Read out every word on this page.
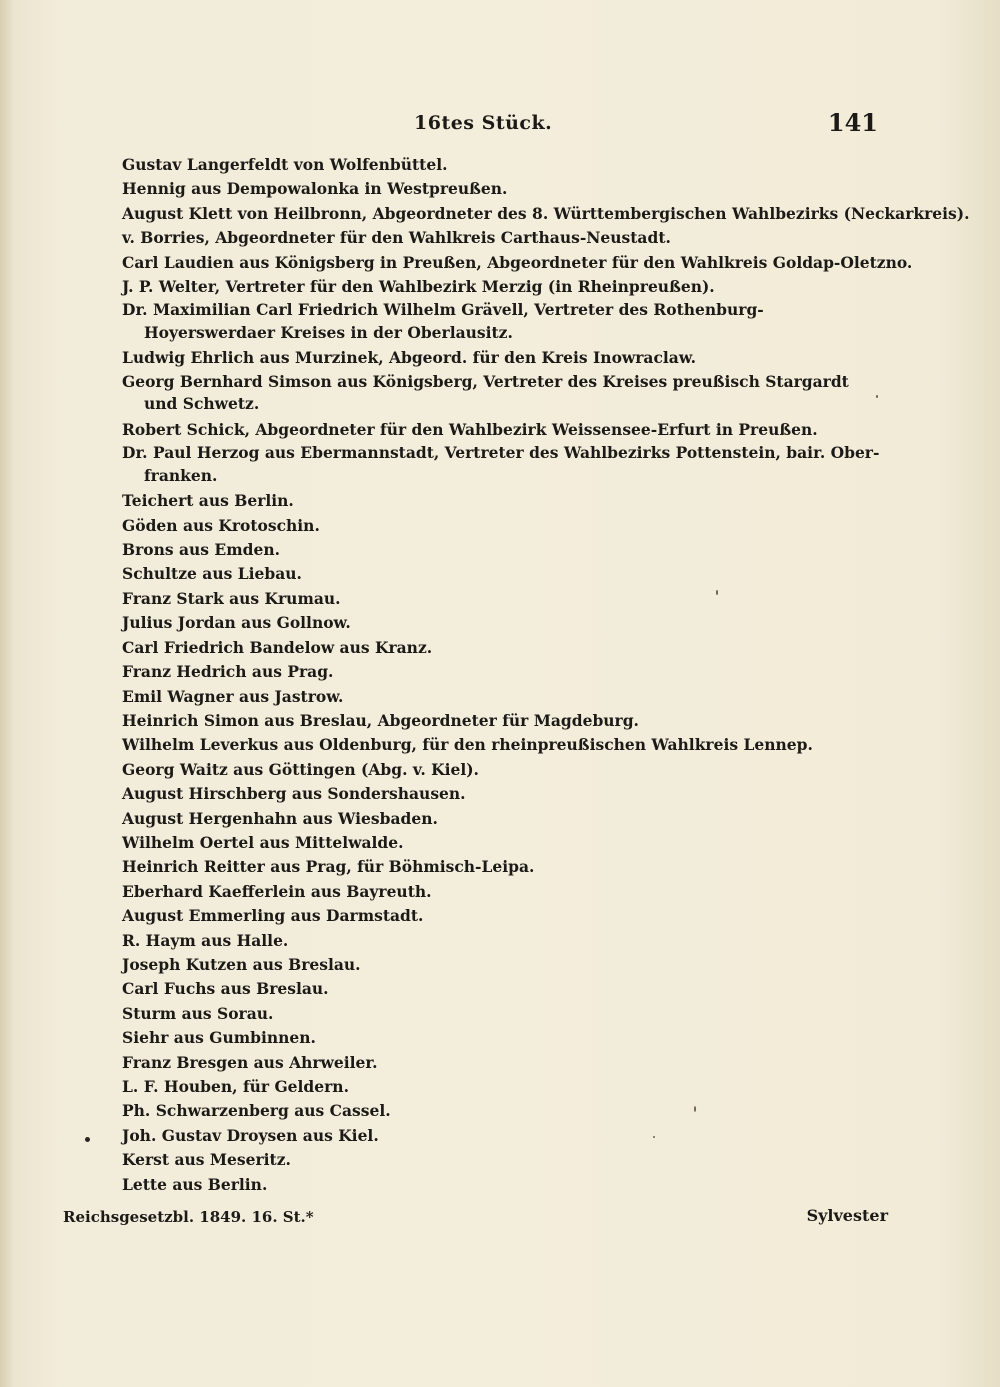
16tes Stück.	141
Gustav Langerfeldt von Wolfenbüttel.
Hennig aus Dempowalonka in Westpreußen.
August Klett von Heilbronn, Abgeordneter des 8. Württembergischen Wahlbezirks (Neckarkreis).
v. Borries, Abgeordneter für den Wahlkreis Carthaus-Neustadt.
Carl Laudien aus Königsberg in Preußen, Abgeordneter für den Wahlkreis Goldap-Oletzno.
J. P. Welter, Vertreter für den Wahlbezirk Merzig (in Rheinpreußen).
Dr. Maximilian Carl Friedrich Wilhelm Grävell, Vertreter des Rothenburg-Hoyerswerdaer Kreises in der Oberlausitz.
Ludwig Ehrlich aus Murzinek, Abgeord. für den Kreis Inowraclaw.
Georg Bernhard Simson aus Königsberg, Vertreter des Kreises preußisch Stargardt und Schwetz.
Robert Schick, Abgeordneter für den Wahlbezirk Weissensee-Erfurt in Preußen.
Dr. Paul Herzog aus Ebermannstadt, Vertreter des Wahlbezirks Pottenstein, bair. Ober-franken.
Teichert aus Berlin.
Göden aus Krotoschin.
Brons aus Emden.
Schultze aus Liebau.
Franz Stark aus Krumau.
Julius Jordan aus Gollnow.
Carl Friedrich Bandelow aus Kranz.
Franz Hedrich aus Prag.
Emil Wagner aus Jastrow.
Heinrich Simon aus Breslau, Abgeordneter für Magdeburg.
Wilhelm Leverkus aus Oldenburg, für den rheinpreußischen Wahlkreis Lennep.
Georg Waitz aus Göttingen (Abg. v. Kiel).
August Hirschberg aus Sondershausen.
August Hergenhahn aus Wiesbaden.
Wilhelm Oertel aus Mittelwalde.
Heinrich Reitter aus Prag, für Böhmisch-Leipa.
Eberhard Kaefferlein aus Bayreuth.
August Emmerling aus Darmstadt.
R. Haym aus Halle.
Joseph Kutzen aus Breslau.
Carl Fuchs aus Breslau.
Sturm aus Sorau.
Siehr aus Gumbinnen.
Franz Bresgen aus Ahrweiler.
L. F. Houben, für Geldern.
Ph. Schwarzenberg aus Cassel.
Joh. Gustav Droysen aus Kiel.
Kerst aus Meseritz.
Lette aus Berlin.
Reichsgesetzbl. 1849. 16. St.*	Sylvester
